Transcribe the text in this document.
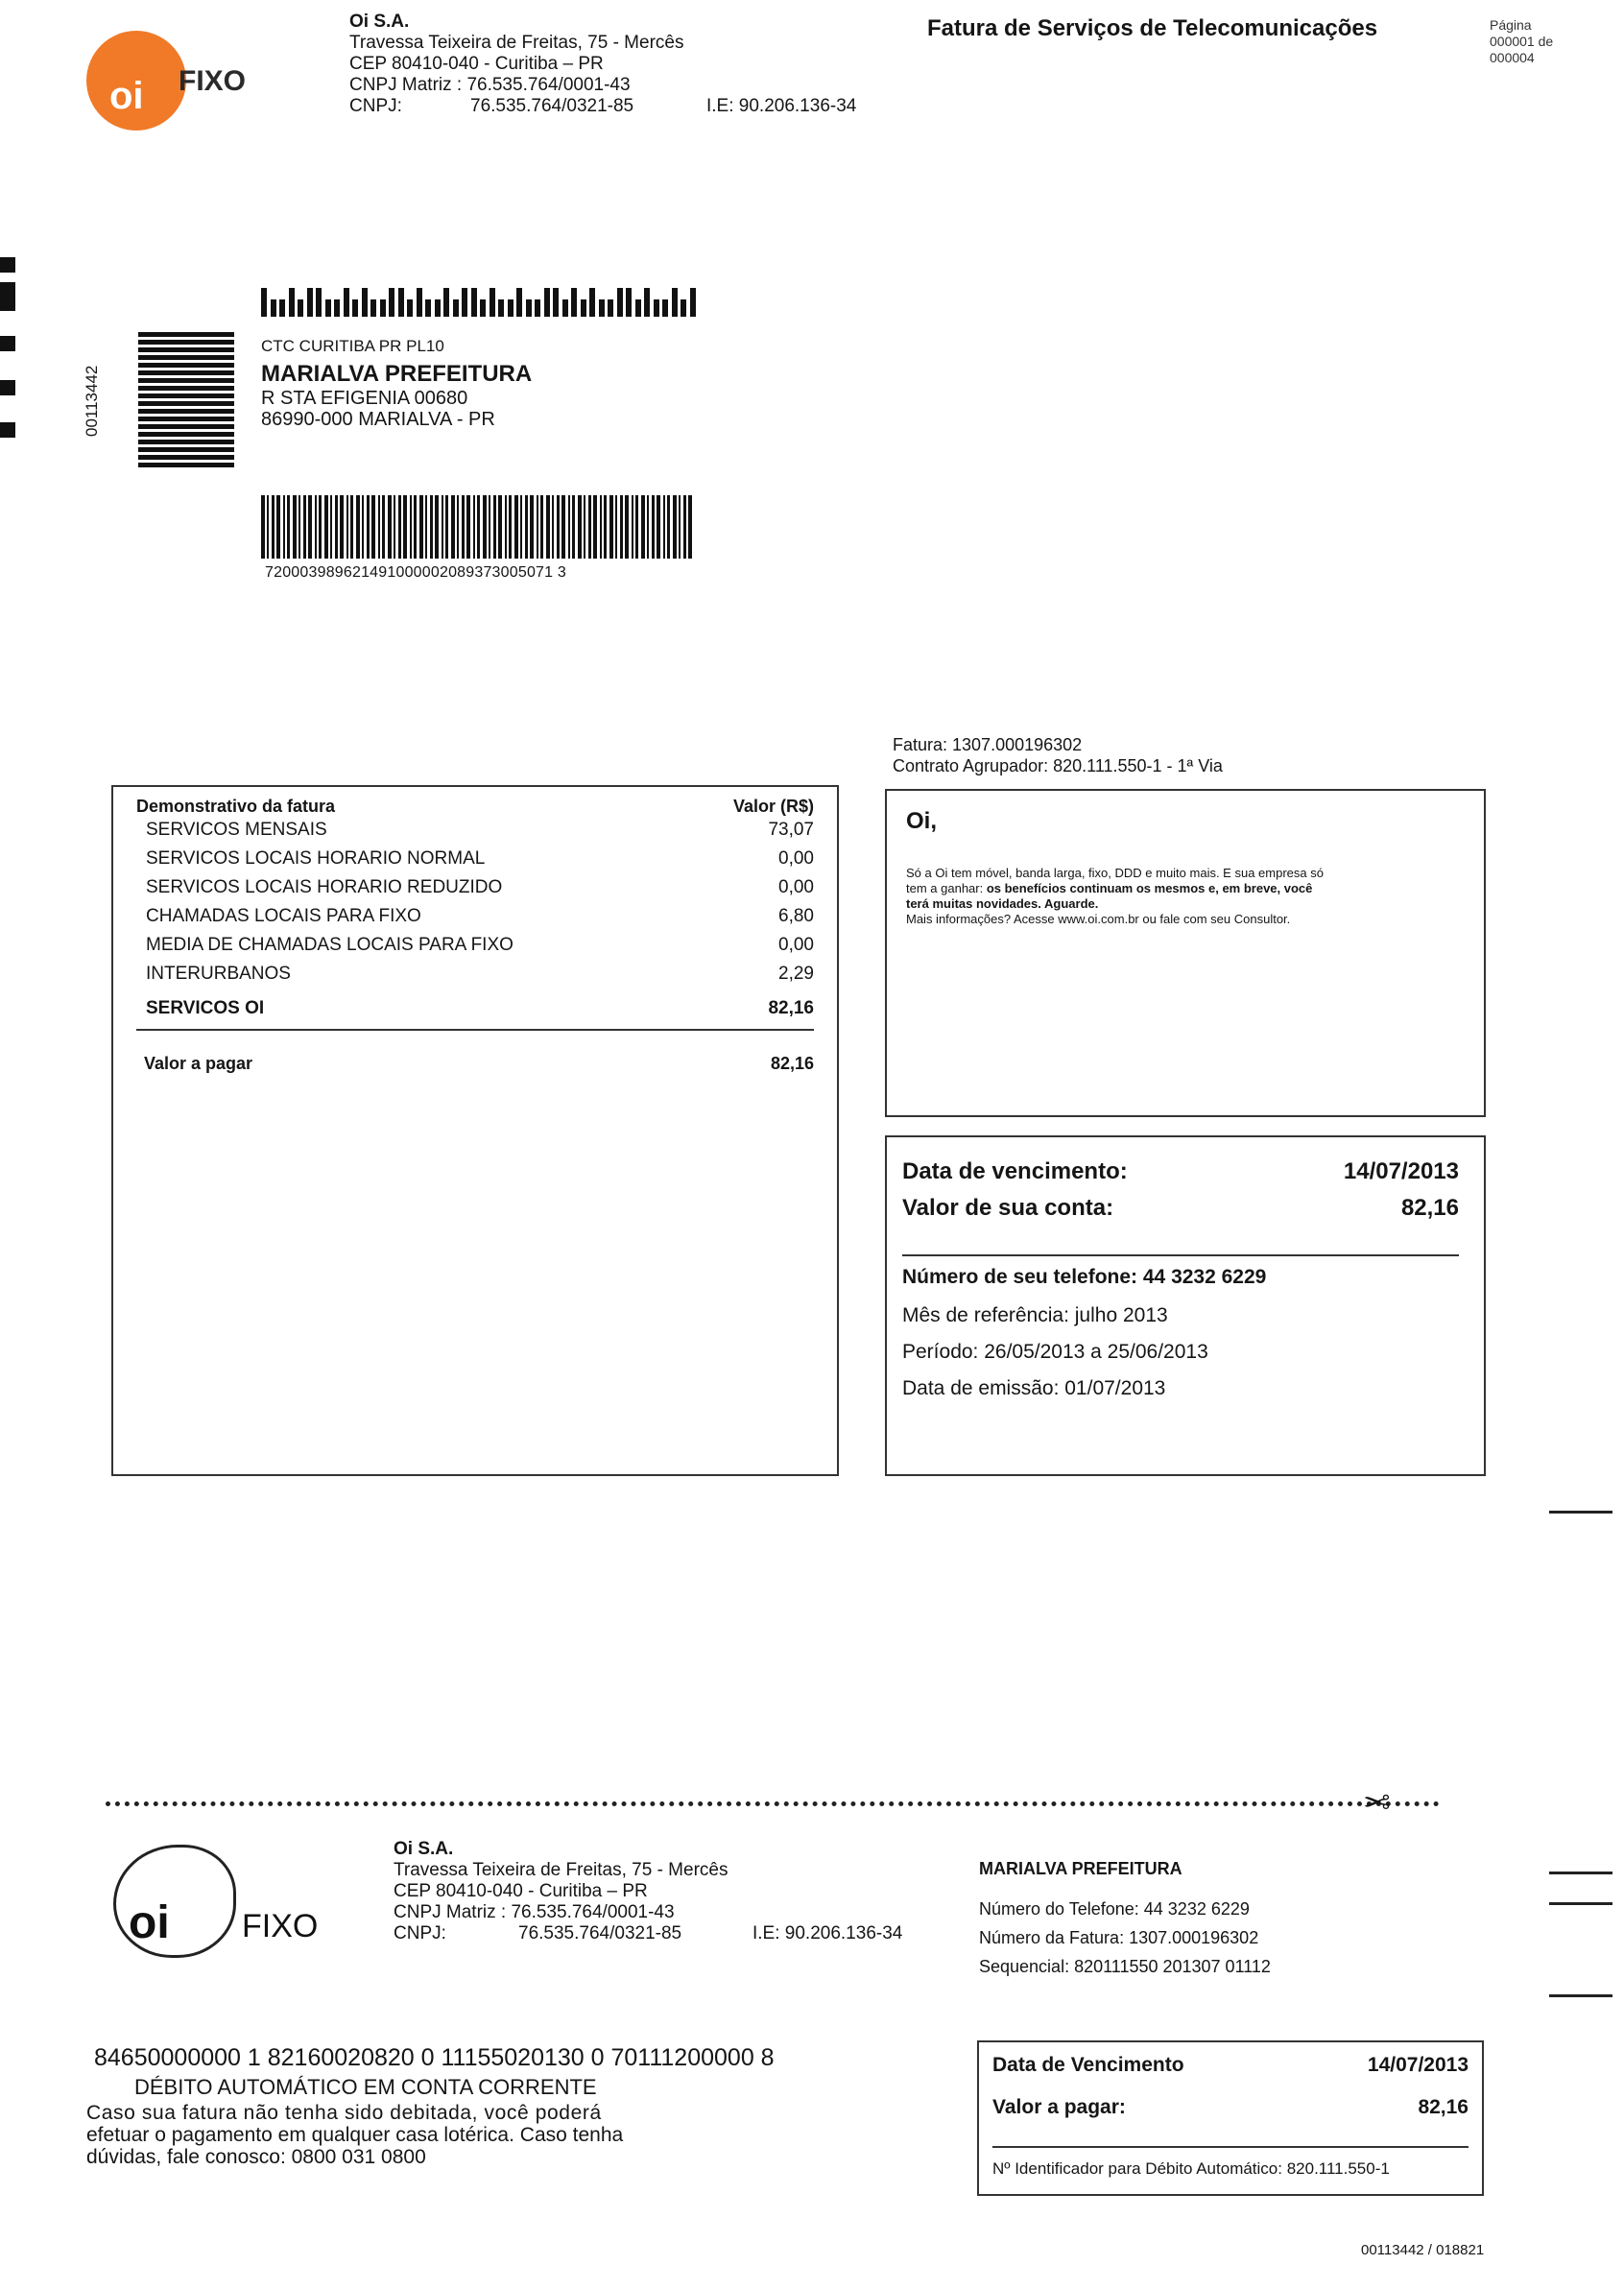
oi FIXO
Oi S.A.
Travessa Teixeira de Freitas, 75 - Mercês
CEP 80410-040 - Curitiba – PR
CNPJ Matriz : 76.535.764/0001-43
CNPJ:	76.535.764/0321-85	I.E: 90.206.136-34
Fatura de Serviços de Telecomunicações	Página
000001 de
000004
00113442
CTC CURITIBA PR PL10
MARIALVA PREFEITURA
R STA EFIGENIA 00680
86990-000 MARIALVA - PR
720003989621491000002089373005071 3
Fatura: 1307.000196302
Contrato Agrupador: 820.111.550-1 - 1ª Via
Demonstrativo da fatura	Valor (R$)
SERVICOS MENSAIS	73,07
SERVICOS LOCAIS HORARIO NORMAL	0,00
SERVICOS LOCAIS HORARIO REDUZIDO	0,00
CHAMADAS LOCAIS PARA FIXO	6,80
MEDIA DE CHAMADAS LOCAIS PARA FIXO	0,00
INTERURBANOS	2,29
SERVICOS OI	82,16
Valor a pagar	82,16
Oi,
Só a Oi tem móvel, banda larga, fixo, DDD e muito mais. E sua empresa só
tem a ganhar: os benefícios continuam os mesmos e, em breve, você
terá muitas novidades. Aguarde.
Mais informações? Acesse www.oi.com.br ou fale com seu Consultor.
Data de vencimento:	14/07/2013
Valor de sua conta:	82,16
Número de seu telefone: 44 3232 6229
Mês de referência: julho 2013
Período: 26/05/2013 a 25/06/2013
Data de emissão: 01/07/2013
✂
oi FIXO
Oi S.A.
Travessa Teixeira de Freitas, 75 - Mercês
CEP 80410-040 - Curitiba – PR
CNPJ Matriz : 76.535.764/0001-43
CNPJ:	76.535.764/0321-85	I.E: 90.206.136-34
MARIALVA PREFEITURA
Número do Telefone: 44 3232 6229
Número da Fatura: 1307.000196302
Sequencial: 820111550 201307 01112
84650000000 1 82160020820 0 11155020130 0 70111200000 8
DÉBITO AUTOMÁTICO EM CONTA CORRENTE
Caso sua fatura não tenha sido debitada, você poderá
efetuar o pagamento em qualquer casa lotérica. Caso tenha
dúvidas, fale conosco: 0800 031 0800
Data de Vencimento	14/07/2013
Valor a pagar:	82,16
Nº Identificador para Débito Automático: 820.111.550-1
00113442 / 018821
